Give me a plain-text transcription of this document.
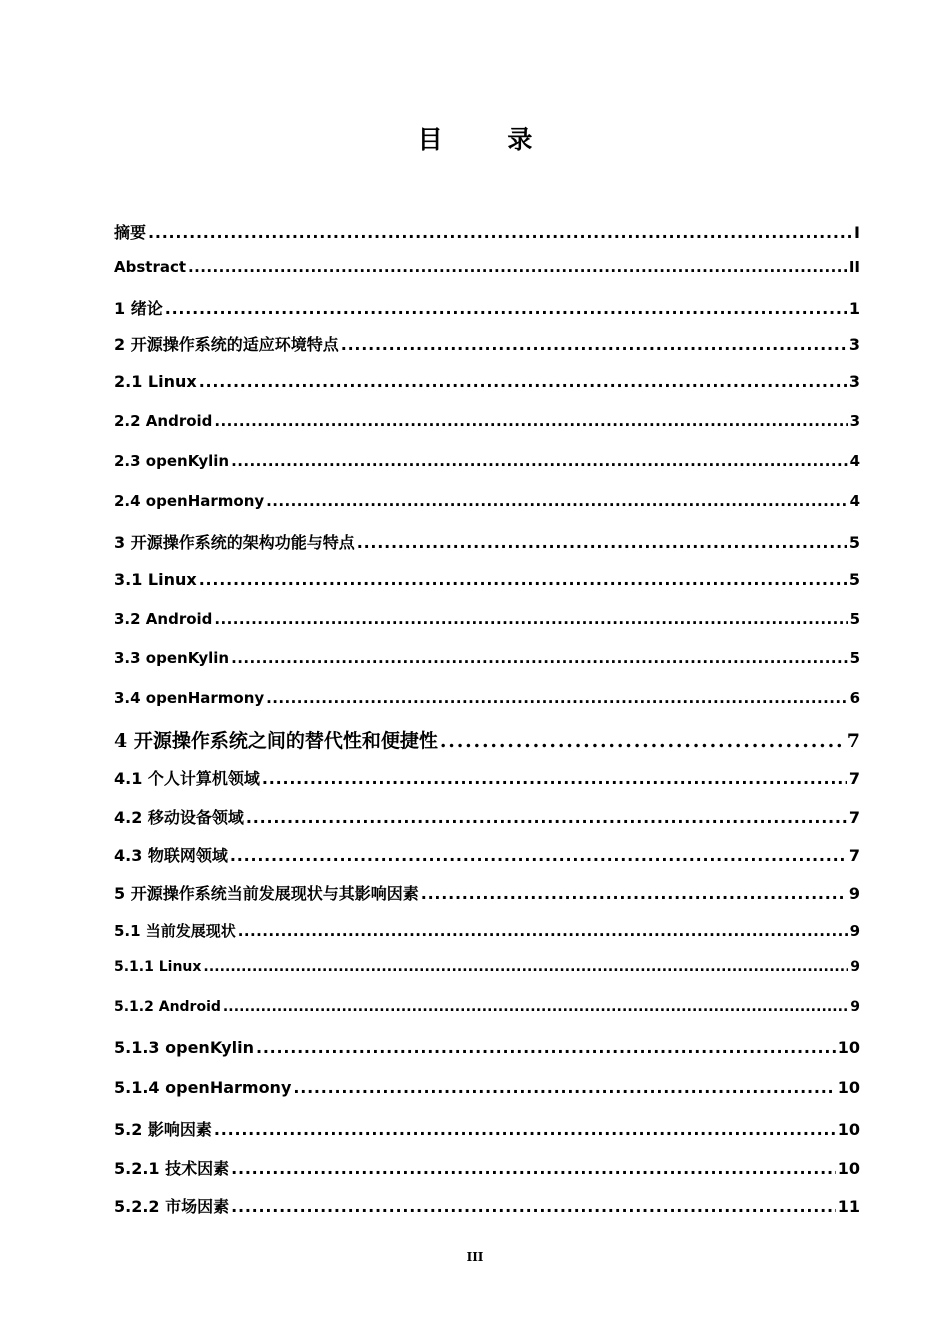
目 录
摘要 . . .	I
Abstract . . .	II
1 绪论 . . .	1
2 开源操作系统的适应环境特点 . . .	3
2.1 Linux . . .	3
2.2 Android . . .	3
2.3 openKylin . . .	4
2.4 openHarmony . . .	4
3 开源操作系统的架构功能与特点 . . .	5
3.1 Linux . . .	5
3.2 Android . . .	5
3.3 openKylin . . .	5
3.4 openHarmony . . .	6
4 开源操作系统之间的替代性和便捷性 . . .	7
4.1 个人计算机领域 . . .	7
4.2 移动设备领域 . . .	7
4.3 物联网领域 . . .	7
5 开源操作系统当前发展现状与其影响因素 . . .	9
5.1 当前发展现状 . . .	9
5.1.1 Linux . . .	9
5.1.2 Android . . .	9
5.1.3 openKylin . . .	10
5.1.4 openHarmony . . .	10
5.2 影响因素 . . .	10
5.2.1 技术因素 . . .	10
5.2.2 市场因素 . . .	11
III
